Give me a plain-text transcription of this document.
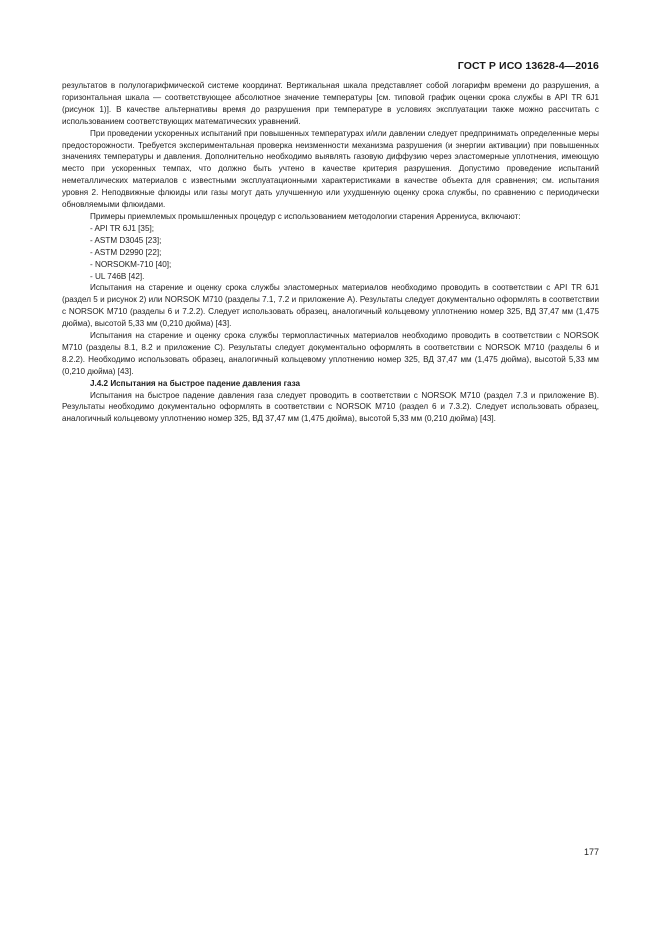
ГОСТ Р ИСО 13628-4—2016

результатов в полулогарифмической системе координат. Вертикальная шкала представляет собой логарифм времени до разрушения, а горизонтальная шкала — соответствующее абсолютное значение температуры [см. типовой график оценки срока службы в API TR 6J1 (рисунок 1)]. В качестве альтернативы время до разрушения при температуре в условиях эксплуатации также можно рассчитать с использованием соответствующих математических уравнений.

При проведении ускоренных испытаний при повышенных температурах и/или давлении следует предпринимать определенные меры предосторожности. Требуется экспериментальная проверка неизменности механизма разрушения (и энергии активации) при повышенных значениях температуры и давления. Дополнительно необходимо выявлять газовую диффузию через эластомерные уплотнения, имеющую место при ускоренных темпах, что должно быть учтено в качестве критерия разрушения. Допустимо проведение испытаний неметаллических материалов с известными эксплуатационными характеристиками в качестве объекта для сравнения; см. испытания уровня 2. Неподвижные флюиды или газы могут дать улучшенную или ухудшенную оценку срока службы, по сравнению с периодически обновляемыми флюидами.

Примеры приемлемых промышленных процедур с использованием методологии старения Аррениуса, включают:

- API TR 6J1 [35];
- ASTM D3045 [23];
- ASTM D2990 [22];
- NORSOKM-710 [40];
- UL 746B [42].

Испытания на старение и оценку срока службы эластомерных материалов необходимо проводить в соответствии с API TR 6J1 (раздел 5 и рисунок 2) или NORSOK M710 (разделы 7.1, 7.2 и приложение А). Результаты следует документально оформлять в соответствии с NORSOK M710 (разделы 6 и 7.2.2). Следует использовать образец, аналогичный кольцевому уплотнению номер 325, ВД 37,47 мм (1,475 дюйма), высотой 5,33 мм (0,210 дюйма) [43].

Испытания на старение и оценку срока службы термопластичных материалов необходимо проводить в соответствии с NORSOK M710 (разделы 8.1, 8.2 и приложение С). Результаты следует документально оформлять в соответствии с NORSOK M710 (разделы 6 и 8.2.2). Необходимо использовать образец, аналогичный кольцевому уплотнению номер 325, ВД 37,47 мм (1,475 дюйма), высотой 5,33 мм (0,210 дюйма) [43].

J.4.2 Испытания на быстрое падение давления газа

Испытания на быстрое падение давления газа следует проводить в соответствии с NORSOK M710 (раздел 7.3 и приложение В). Результаты необходимо документально оформлять в соответствии с NORSOK M710 (раздел 6 и 7.3.2). Следует использовать образец, аналогичный кольцевому уплотнению номер 325, ВД 37,47 мм (1,475 дюйма), высотой 5,33 мм (0,210 дюйма) [43].

177
